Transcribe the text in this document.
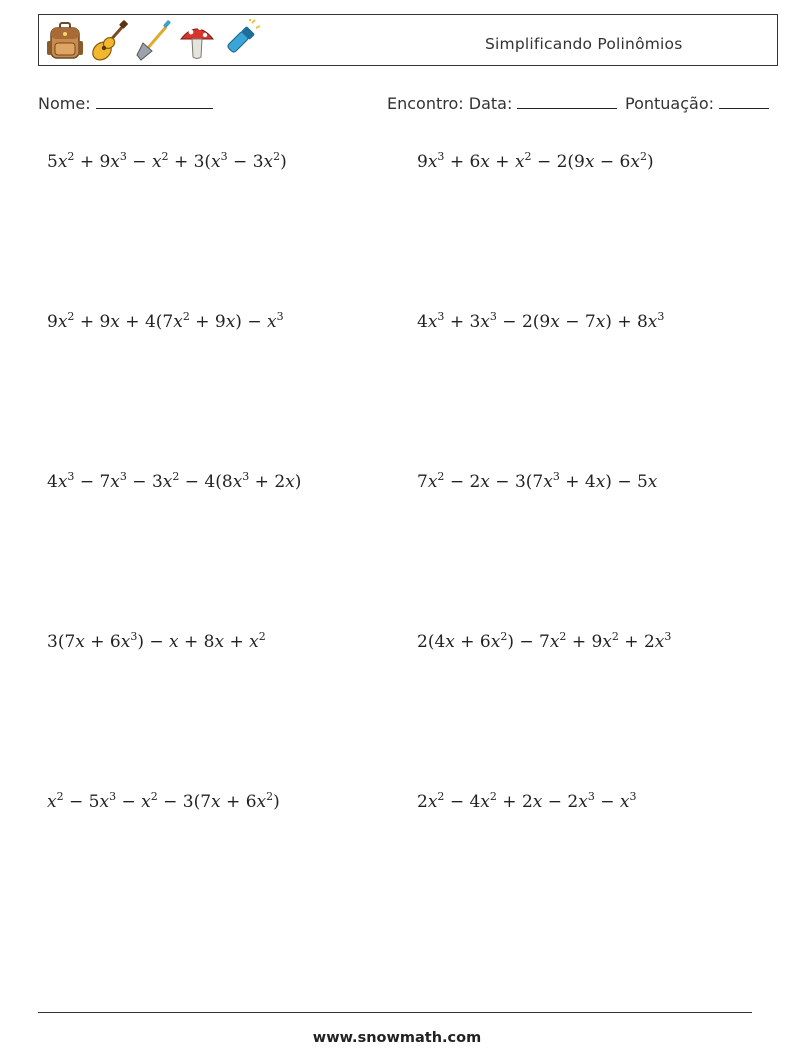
Simplificando Polinômios
Nome:	Encontro: Data:	Pontuação:
$5x^2 + 9x^3 - x^2 + 3(x^3 - 3x^2)$	$9x^3 + 6x + x^2 - 2(9x - 6x^2)$
$9x^2 + 9x + 4(7x^2 + 9x) - x^3$	$4x^3 + 3x^3 - 2(9x - 7x) + 8x^3$
$4x^3 - 7x^3 - 3x^2 - 4(8x^3 + 2x)$	$7x^2 - 2x - 3(7x^3 + 4x) - 5x$
$3(7x + 6x^3) - x + 8x + x^2$	$2(4x + 6x^2) - 7x^2 + 9x^2 + 2x^3$
$x^2 - 5x^3 - x^2 - 3(7x + 6x^2)$	$2x^2 - 4x^2 + 2x - 2x^3 - x^3$
www.snowmath.com
